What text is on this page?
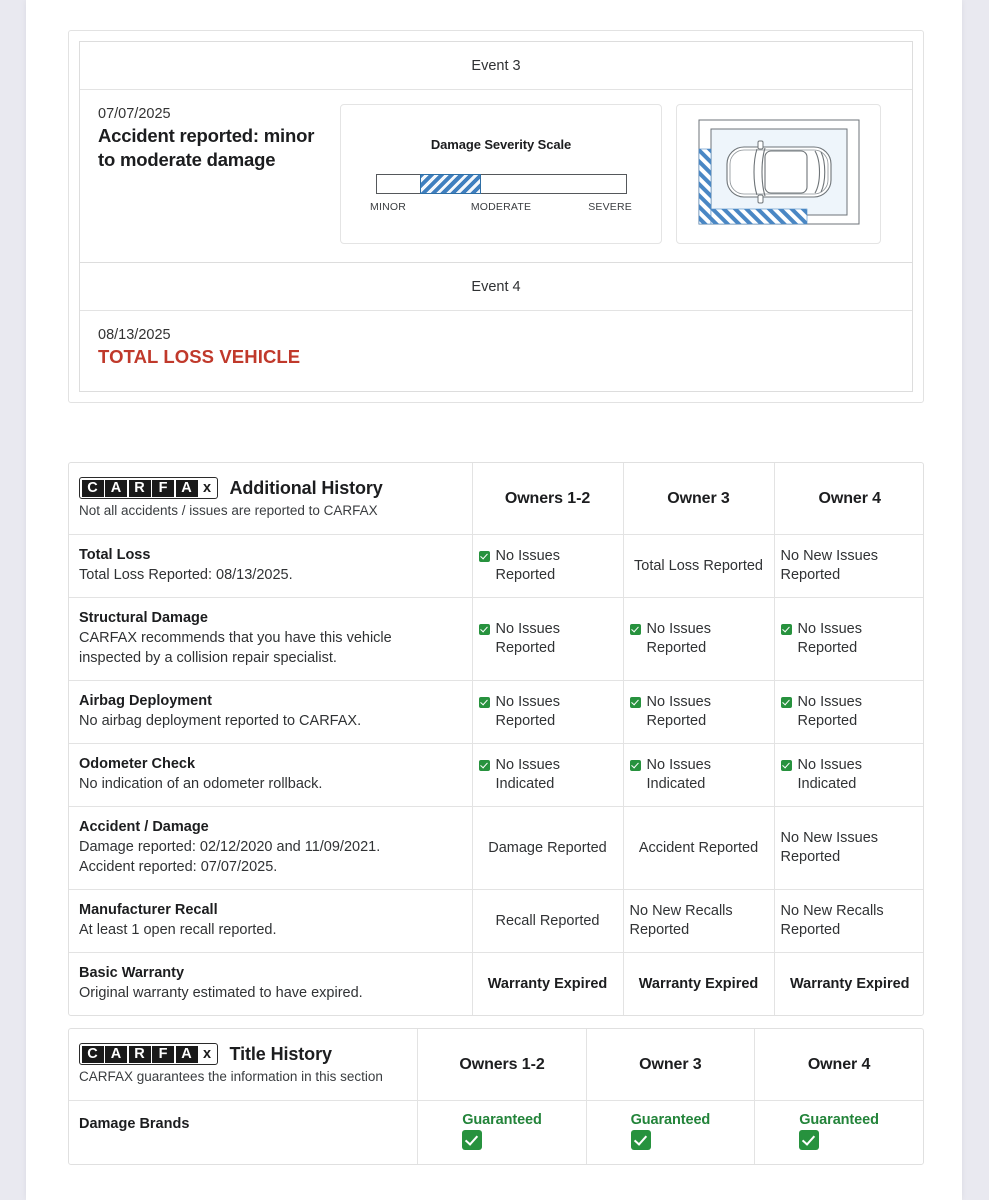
Event 3
07/07/2025
Accident reported: minor to moderate damage
Damage Severity Scale
MINOR	MODERATE	SEVERE
Event 4
08/13/2025
TOTAL LOSS VEHICLE
C A R F A x Additional History
Not all accidents / issues are reported to CARFAX
	Owners 1-2	Owner 3	Owner 4

Total Loss
Total Loss Reported: 08/13/2025.	No Issues Reported	Total Loss Reported	No New Issues Reported

Structural Damage
CARFAX recommends that you have this vehicle inspected by a collision repair specialist.	No Issues Reported	No Issues Reported	No Issues Reported

Airbag Deployment
No airbag deployment reported to CARFAX.	No Issues Reported	No Issues Reported	No Issues Reported

Odometer Check
No indication of an odometer rollback.	No Issues Indicated	No Issues Indicated	No Issues Indicated

Accident / Damage
Damage reported: 02/12/2020 and 11/09/2021.
Accident reported: 07/07/2025.	Damage Reported	Accident Reported	No New Issues Reported

Manufacturer Recall
At least 1 open recall reported.	Recall Reported	No New Recalls Reported	No New Recalls Reported

Basic Warranty
Original warranty estimated to have expired.	Warranty Expired	Warranty Expired	Warranty Expired
C A R F A x Title History
CARFAX guarantees the information in this section
	Owners 1-2	Owner 3	Owner 4

Damage Brands	Guaranteed	Guaranteed	Guaranteed
